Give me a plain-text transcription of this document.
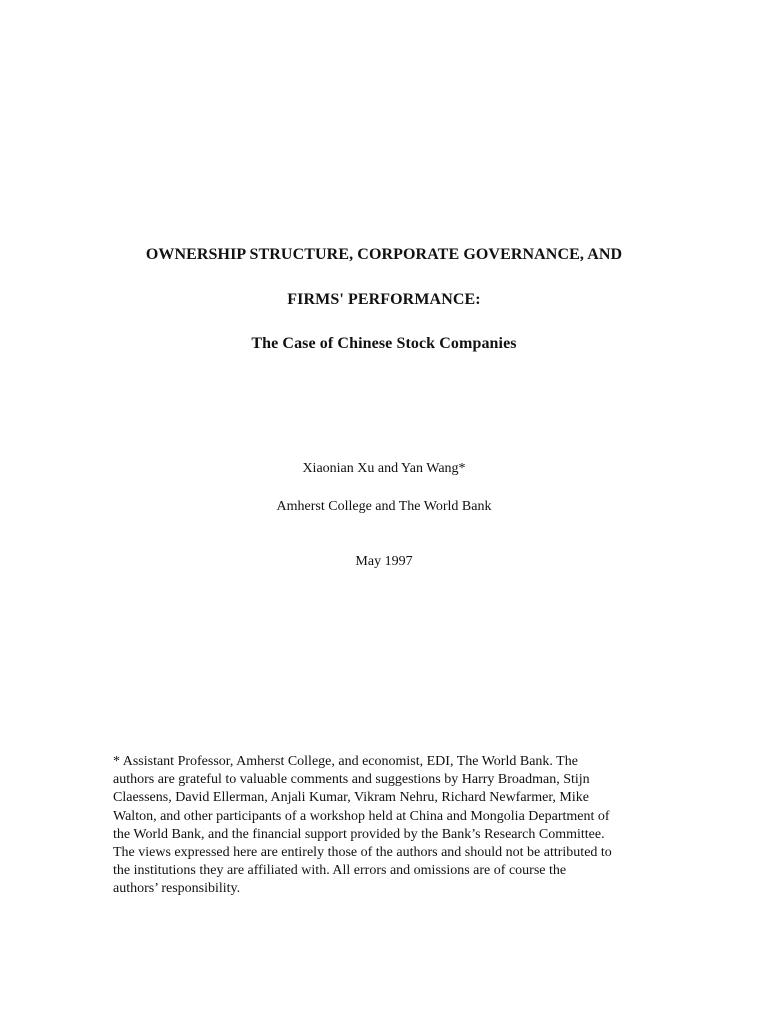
OWNERSHIP STRUCTURE, CORPORATE GOVERNANCE, AND
FIRMS' PERFORMANCE:
The Case of Chinese Stock Companies
Xiaonian Xu and Yan Wang*
Amherst College and The World Bank
May 1997
* Assistant Professor, Amherst College, and economist, EDI, The World Bank. The
authors are grateful to valuable comments and suggestions by Harry Broadman, Stijn
Claessens, David Ellerman, Anjali Kumar, Vikram Nehru, Richard Newfarmer, Mike
Walton, and other participants of a workshop held at China and Mongolia Department of
the World Bank, and the financial support provided by the Bank’s Research Committee.
The views expressed here are entirely those of the authors and should not be attributed to
the institutions they are affiliated with. All errors and omissions are of course the
authors’ responsibility.
